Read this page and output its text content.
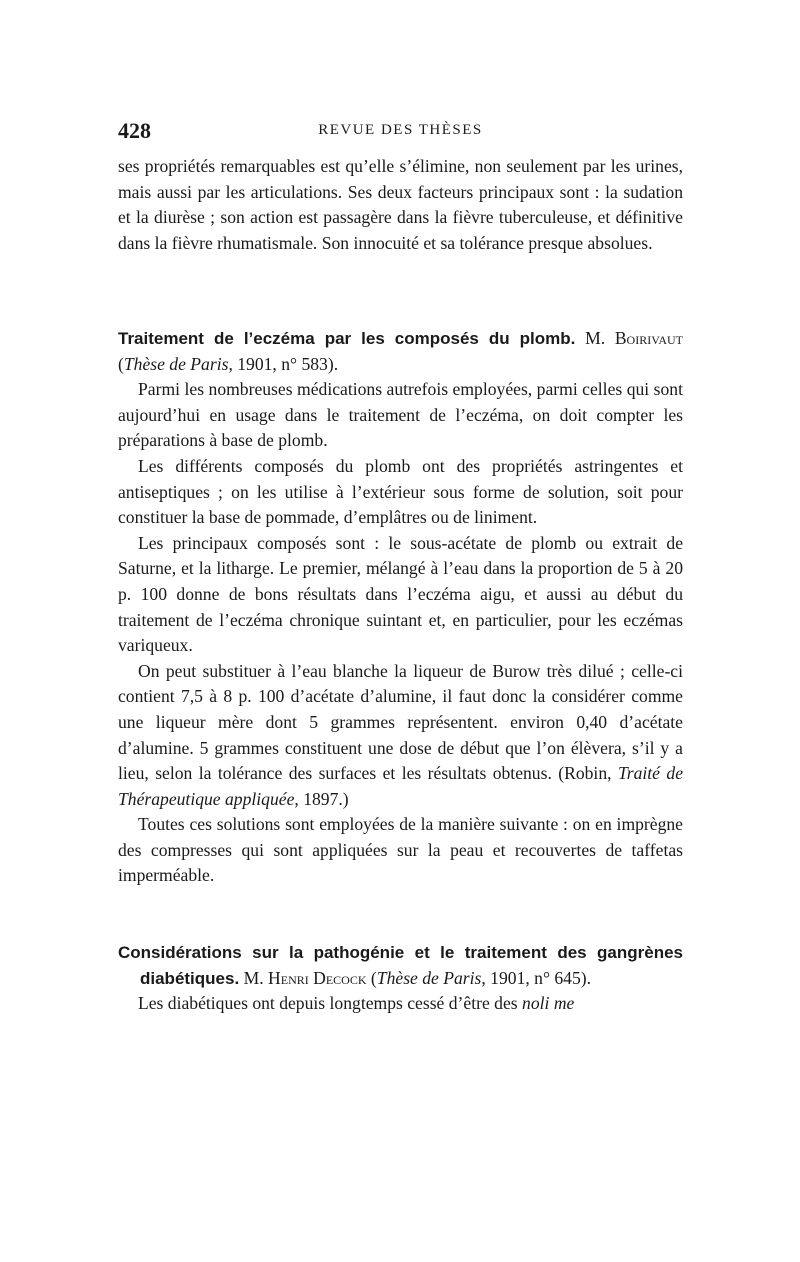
428	REVUE DES THÈSES

ses propriétés remarquables est qu’elle s’élimine, non seulement par les urines, mais aussi par les articulations. Ses deux facteurs principaux sont : la sudation et la diurèse ; son action est passagère dans la fièvre tuberculeuse, et définitive dans la fièvre rhumatismale. Son innocuité et sa tolérance presque absolues.

Traitement de l’eczéma par les composés du plomb. M. Boirivaut (Thèse de Paris, 1901, n° 583).

Parmi les nombreuses médications autrefois employées, parmi celles qui sont aujourd’hui en usage dans le traitement de l’eczéma, on doit compter les préparations à base de plomb.

Les différents composés du plomb ont des propriétés astringentes et antiseptiques ; on les utilise à l’extérieur sous forme de solution, soit pour constituer la base de pommade, d’emplâtres ou de liniment.

Les principaux composés sont : le sous-acétate de plomb ou extrait de Saturne, et la litharge. Le premier, mélangé à l’eau dans la proportion de 5 à 20 p. 100 donne de bons résultats dans l’eczéma aigu, et aussi au début du traitement de l’eczéma chronique suintant et, en particulier, pour les eczémas variqueux.

On peut substituer à l’eau blanche la liqueur de Burow très dilué ; celle-ci contient 7,5 à 8 p. 100 d’acétate d’alumine, il faut donc la considérer comme une liqueur mère dont 5 grammes représentent. environ 0,40 d’acétate d’alumine. 5 grammes constituent une dose de début que l’on élèvera, s’il y a lieu, selon la tolérance des surfaces et les résultats obtenus. (Robin, Traité de Thérapeutique appliquée, 1897.)

Toutes ces solutions sont employées de la manière suivante : on en imprègne des compresses qui sont appliquées sur la peau et recouvertes de taffetas imperméable.

Considérations sur la pathogénie et le traitement des gangrènes diabétiques. M. Henri Decock (Thèse de Paris, 1901, n° 645).

Les diabétiques ont depuis longtemps cessé d’être des noli me
